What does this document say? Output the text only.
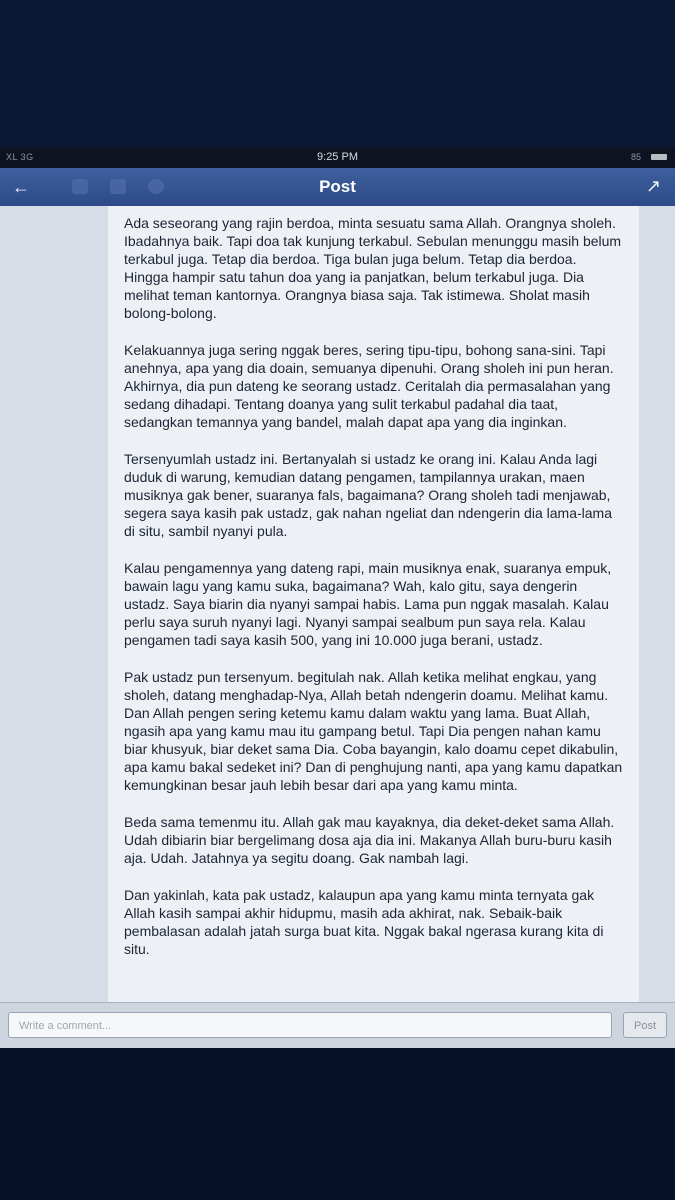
XL 3G	9:25 PM	85
←	Post	↗

Ada seseorang yang rajin berdoa, minta sesuatu sama Allah. Orangnya sholeh. Ibadahnya baik. Tapi doa tak kunjung terkabul. Sebulan menunggu masih belum terkabul juga. Tetap dia berdoa. Tiga bulan juga belum. Tetap dia berdoa. Hingga hampir satu tahun doa yang ia panjatkan, belum terkabul juga. Dia melihat teman kantornya. Orangnya biasa saja. Tak istimewa. Sholat masih bolong-bolong.

Kelakuannya juga sering nggak beres, sering tipu-tipu, bohong sana-sini. Tapi anehnya, apa yang dia doain, semuanya dipenuhi. Orang sholeh ini pun heran. Akhirnya, dia pun dateng ke seorang ustadz. Ceritalah dia permasalahan yang sedang dihadapi. Tentang doanya yang sulit terkabul padahal dia taat, sedangkan temannya yang bandel, malah dapat apa yang dia inginkan.

Tersenyumlah ustadz ini. Bertanyalah si ustadz ke orang ini. Kalau Anda lagi duduk di warung, kemudian datang pengamen, tampilannya urakan, maen musiknya gak bener, suaranya fals, bagaimana? Orang sholeh tadi menjawab, segera saya kasih pak ustadz, gak nahan ngeliat dan ndengerin dia lama-lama di situ, sambil nyanyi pula.

Kalau pengamennya yang dateng rapi, main musiknya enak, suaranya empuk, bawain lagu yang kamu suka, bagaimana? Wah, kalo gitu, saya dengerin ustadz. Saya biarin dia nyanyi sampai habis. Lama pun nggak masalah. Kalau perlu saya suruh nyanyi lagi. Nyanyi sampai sealbum pun saya rela. Kalau pengamen tadi saya kasih 500, yang ini 10.000 juga berani, ustadz.

Pak ustadz pun tersenyum. begitulah nak. Allah ketika melihat engkau, yang sholeh, datang menghadap-Nya, Allah betah ndengerin doamu. Melihat kamu. Dan Allah pengen sering ketemu kamu dalam waktu yang lama. Buat Allah, ngasih apa yang kamu mau itu gampang betul. Tapi Dia pengen nahan kamu biar khusyuk, biar deket sama Dia. Coba bayangin, kalo doamu cepet dikabulin, apa kamu bakal sedeket ini? Dan di penghujung nanti, apa yang kamu dapatkan kemungkinan besar jauh lebih besar dari apa yang kamu minta.

Beda sama temenmu itu. Allah gak mau kayaknya, dia deket-deket sama Allah. Udah dibiarin biar bergelimang dosa aja dia ini. Makanya Allah buru-buru kasih aja. Udah. Jatahnya ya segitu doang. Gak nambah lagi.

Dan yakinlah, kata pak ustadz, kalaupun apa yang kamu minta ternyata gak Allah kasih sampai akhir hidupmu, masih ada akhirat, nak. Sebaik-baik pembalasan adalah jatah surga buat kita. Nggak bakal ngerasa kurang kita di situ.

Write a comment...	Post
